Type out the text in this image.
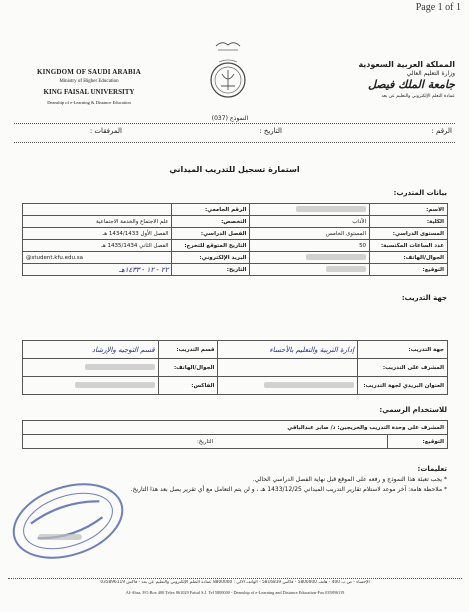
Page 1 of 1
KINGDOM OF SAUDI ARABIA
Ministry of Higher Education
KING FAISAL UNIVERSITY
Deanship of e-Learning & Distance Education
النموذج (037)
المملكة العربية السعودية
وزارة التعليم العالي
جامعة الملك فيصل
عمادة التعلم الإلكتروني والتعليم عن بعد
الرقم :
التاريخ :
المرفقات :
استمارة تسجيل للتدريب الميداني
بيانات المتدرب:
الاسم:		الرقم الجامعي:	
الكلية:	الآداب	التخصص:	علم الاجتماع والخدمة الاجتماعية
المستوى الدراسي:	المستوى الخامس	الفصل الدراسي:	الفصل الأول 1434/1433 هـ
عدد الساعات المكتسبة:	50	التاريخ المتوقع للتخرج:	الفصل الثاني 1435/1434 هـ
الجوال/الهاتف:		البريد الإلكتروني:	@student.kfu.edu.sa
التوقيع:		التاريخ:	٢٢ - ١٢ - ١٤٣٣هـ
جهة التدريب:
جهة التدريب:	إدارة التربية والتعليم بالأحساء	قسم التدريب:	قسم التوجيه والإرشاد
المشرف على التدريب:		الجوال/الهاتف:	
العنوان البريدي لجهة التدريب:		الفاكس:	
للاستخدام الرسمي:
المشرف على وحدة التدريب والخريجين: د/ صابر عبدالباقي
التوقيع:	التاريخ:
تعليمات:
* يجب تعبئة هذا النموذج و رفعه على الموقع قبل نهاية الفصل الدراسي الحالي.
* ملاحظة هامة: آخر موعد لاستلام تقارير التدريب الميداني 1433/12/25 هـ ، و لن يتم التعامل مع أي تقرير يصل بعد هذا التاريخ.
الإحساء - ص.ب 400 - هاتف 5800000 - فاكس 5816819 - الهاتف الآلي : 8800000 عمادة التعلم الإلكتروني والتعليم عن بعد - فاكس 035896119
Al-Ahsa, P.O.Box 400 Telex 861029 Faisal S.J. Tel 5800000 - Deanship of e-Learning and Distance Education-Fax 035896119
